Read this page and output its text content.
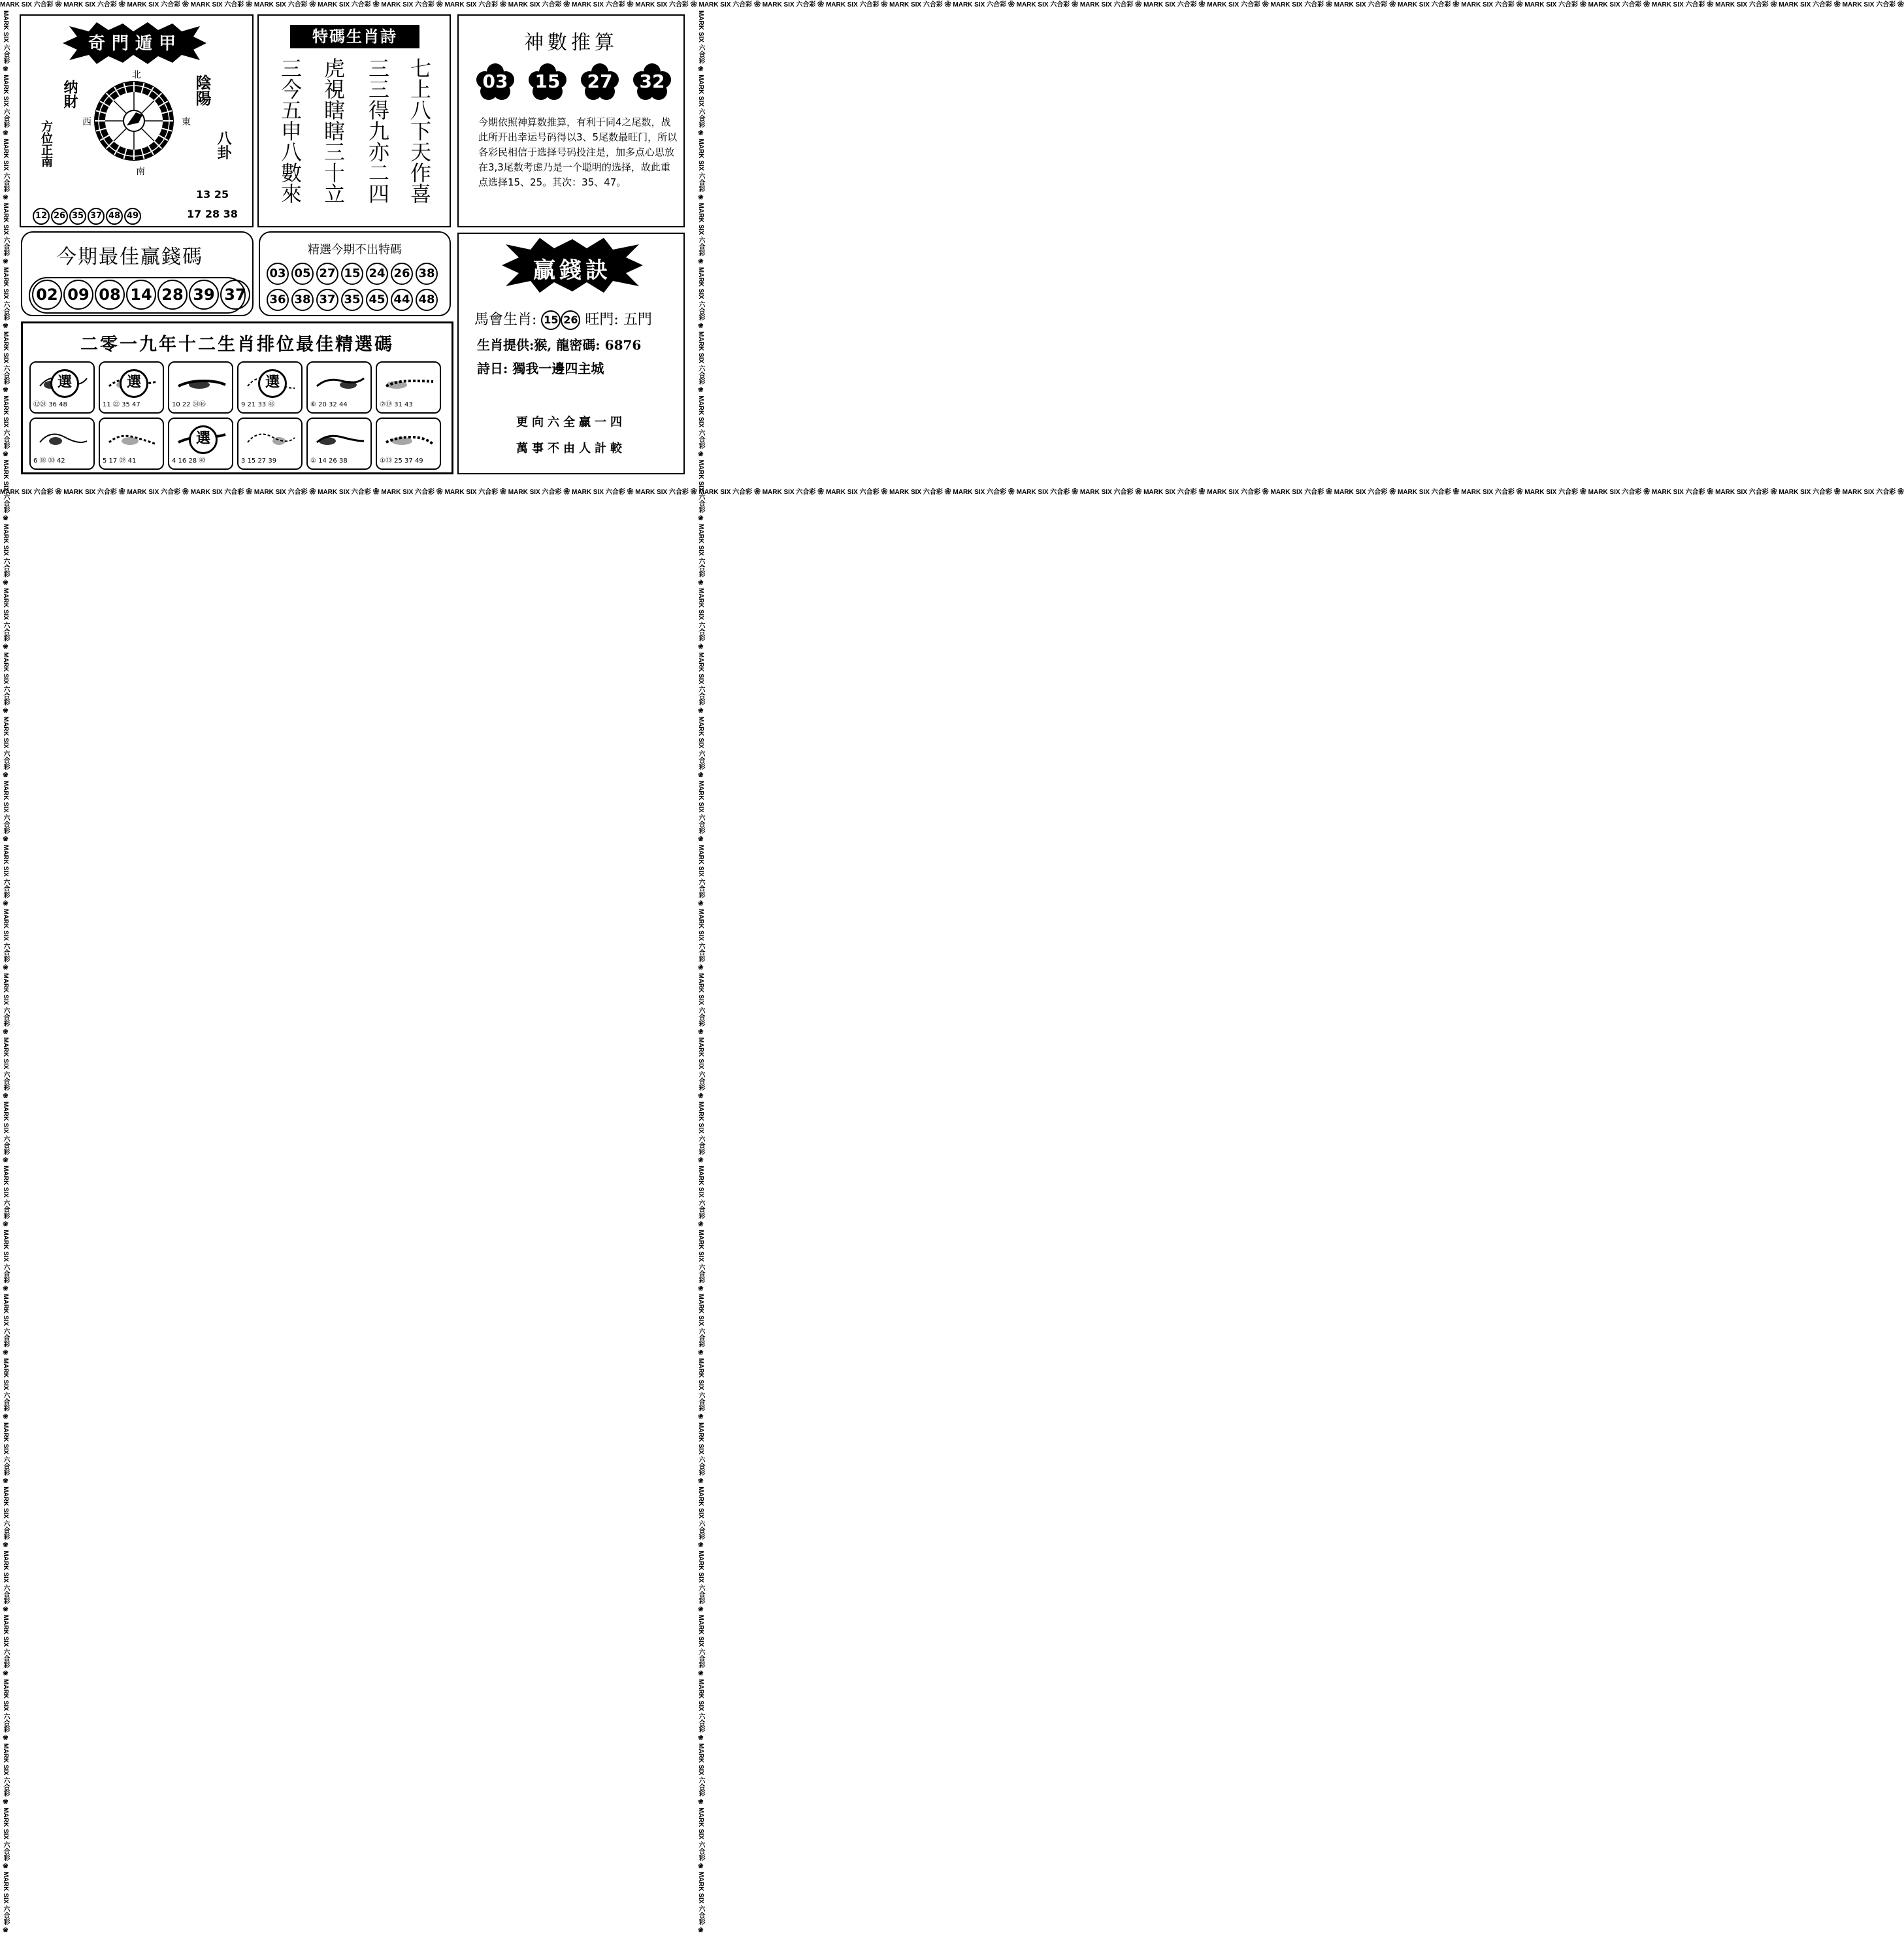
MARK SIX 六合彩 ❀ MARK SIX 六合彩 ❀ MARK SIX 六合彩 ❀ MARK SIX 六合彩 ❀ MARK SIX 六合彩 ❀ MARK SIX 六合彩 ❀ MARK SIX 六合彩 ❀ MARK SIX 六合彩 ❀ MARK SIX 六合彩 ❀ MARK SIX 六合彩 ❀ MARK SIX 六合彩 ❀ MARK SIX 六合彩 ❀ MARK SIX 六合彩 ❀ MARK SIX 六合彩 ❀ MARK SIX 六合彩 ❀ MARK SIX 六合彩 ❀ MARK SIX 六合彩 ❀ MARK SIX 六合彩 ❀ MARK SIX 六合彩 ❀ MARK SIX 六合彩 ❀ MARK SIX 六合彩 ❀ MARK SIX 六合彩 ❀ MARK SIX 六合彩 ❀ MARK SIX 六合彩 ❀ MARK SIX 六合彩 ❀ MARK SIX 六合彩 ❀ MARK SIX 六合彩 ❀ MARK SIX 六合彩 ❀ MARK SIX 六合彩 ❀ MARK SIX 六合彩 ❀
MARK SIX 六合彩 ❀ MARK SIX 六合彩 ❀ MARK SIX 六合彩 ❀ MARK SIX 六合彩 ❀ MARK SIX 六合彩 ❀ MARK SIX 六合彩 ❀ MARK SIX 六合彩 ❀ MARK SIX 六合彩 ❀ MARK SIX 六合彩 ❀ MARK SIX 六合彩 ❀ MARK SIX 六合彩 ❀ MARK SIX 六合彩 ❀ MARK SIX 六合彩 ❀ MARK SIX 六合彩 ❀ MARK SIX 六合彩 ❀ MARK SIX 六合彩 ❀ MARK SIX 六合彩 ❀ MARK SIX 六合彩 ❀ MARK SIX 六合彩 ❀ MARK SIX 六合彩 ❀ MARK SIX 六合彩 ❀ MARK SIX 六合彩 ❀ MARK SIX 六合彩 ❀ MARK SIX 六合彩 ❀ MARK SIX 六合彩 ❀ MARK SIX 六合彩 ❀ MARK SIX 六合彩 ❀ MARK SIX 六合彩 ❀ MARK SIX 六合彩 ❀ MARK SIX 六合彩 ❀
MARK SIX 六合彩 ❀ MARK SIX 六合彩 ❀ MARK SIX 六合彩 ❀ MARK SIX 六合彩 ❀ MARK SIX 六合彩 ❀ MARK SIX 六合彩 ❀ MARK SIX 六合彩 ❀ MARK SIX 六合彩 ❀ MARK SIX 六合彩 ❀ MARK SIX 六合彩 ❀ MARK SIX 六合彩 ❀ MARK SIX 六合彩 ❀ MARK SIX 六合彩 ❀ MARK SIX 六合彩 ❀ MARK SIX 六合彩 ❀ MARK SIX 六合彩 ❀ MARK SIX 六合彩 ❀ MARK SIX 六合彩 ❀ MARK SIX 六合彩 ❀ MARK SIX 六合彩 ❀ MARK SIX 六合彩 ❀ MARK SIX 六合彩 ❀ MARK SIX 六合彩 ❀ MARK SIX 六合彩 ❀ MARK SIX 六合彩 ❀ MARK SIX 六合彩 ❀ MARK SIX 六合彩 ❀ MARK SIX 六合彩 ❀ MARK SIX 六合彩 ❀ MARK SIX 六合彩 ❀	MARK SIX 六合彩 ❀ MARK SIX 六合彩 ❀ MARK SIX 六合彩 ❀ MARK SIX 六合彩 ❀ MARK SIX 六合彩 ❀ MARK SIX 六合彩 ❀ MARK SIX 六合彩 ❀ MARK SIX 六合彩 ❀ MARK SIX 六合彩 ❀ MARK SIX 六合彩 ❀ MARK SIX 六合彩 ❀ MARK SIX 六合彩 ❀ MARK SIX 六合彩 ❀ MARK SIX 六合彩 ❀ MARK SIX 六合彩 ❀ MARK SIX 六合彩 ❀ MARK SIX 六合彩 ❀ MARK SIX 六合彩 ❀ MARK SIX 六合彩 ❀ MARK SIX 六合彩 ❀ MARK SIX 六合彩 ❀ MARK SIX 六合彩 ❀ MARK SIX 六合彩 ❀ MARK SIX 六合彩 ❀ MARK SIX 六合彩 ❀ MARK SIX 六合彩 ❀ MARK SIX 六合彩 ❀ MARK SIX 六合彩 ❀ MARK SIX 六合彩 ❀ MARK SIX 六合彩 ❀
奇門遁甲
纳財
方位正南
陰陽
八卦
北
南
東
西
13 25
17 28 38
12 26 35 37 48 49
特碼生肖詩
七上八下天作喜
三三得九亦二四
虎視瞎瞎三十立
三今五申八數來
神數推算
03	15	27	32
今期依照神算数推算，有利于同4之尾数，战此所开出幸运号码得以3、5尾数最旺门，所以各彩民相信于选择号码投注是，加多点心思放在3,3尾数考虑乃是一个聪明的选择，故此重点选择15、25。其次：35、47。
今期最佳贏錢碼
02 09 08 14 28 39 37
精選今期不出特碼
03 05 27 15 24 26 38
36 38 37 35 45 44 48
贏錢訣
馬會生肖: 15 26 旺門: 五門
生肖提供:猴, 龍密碼: 6876
詩日: 獨我一邊四主城
更向六全贏一四
萬事不由人計較
二零一九年十二生肖排位最佳精選碼
選
⑫㉔ 36 48
選
11 ㉓ 35 47	10 22 ㉞㊻
選
9 21 33 ㊺	⑧ 20 32 44	⑦⑲ 31 43
6 ⑱ ㉚ 42	5 17 ㉙ 41
選
4 16 28 ㊵	3 15 27 39	② 14 26 38	①⑬ 25 37 49
